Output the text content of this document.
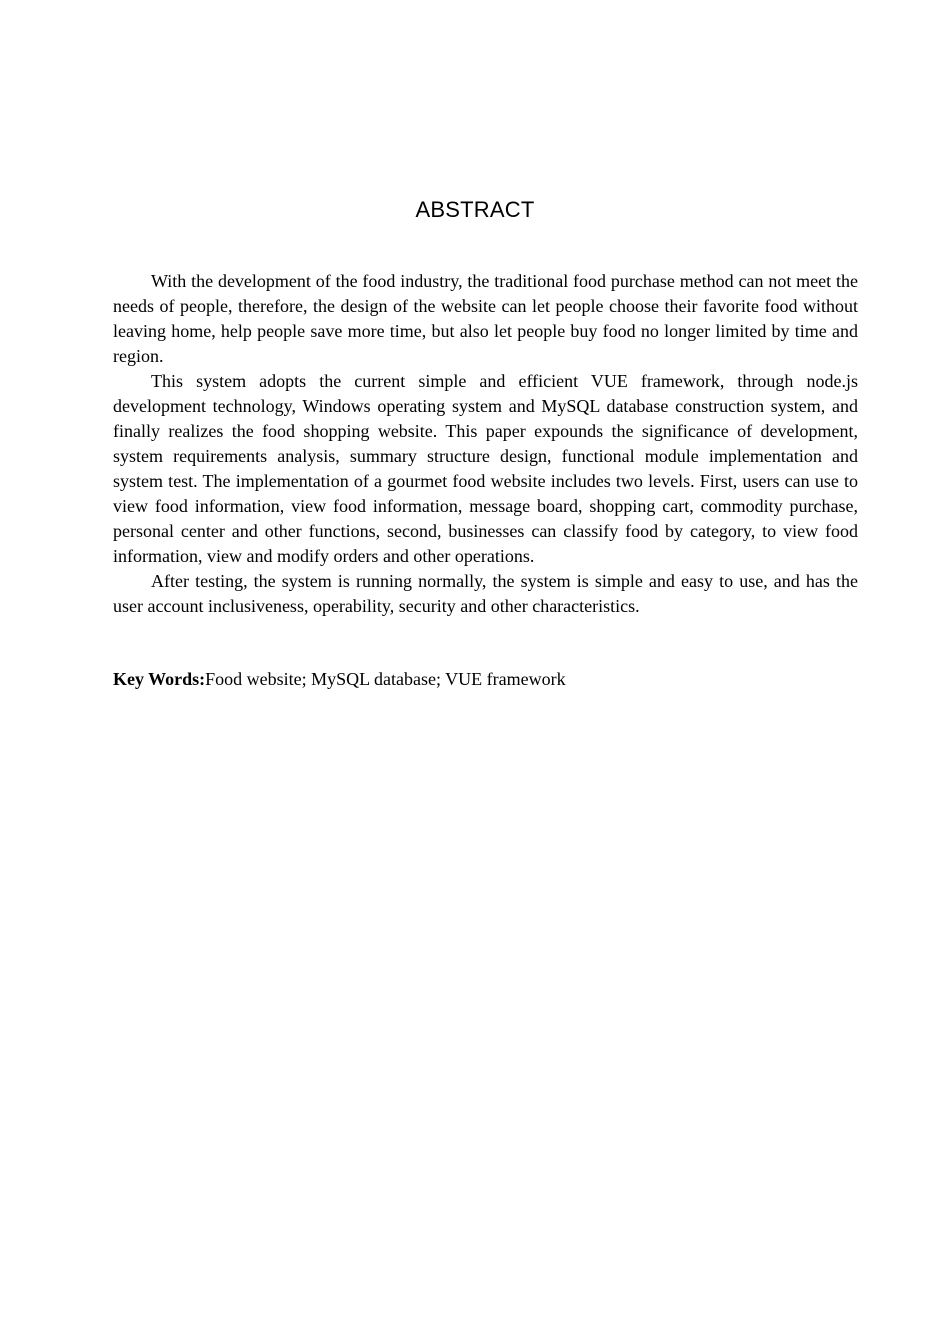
ABSTRACT

With the development of the food industry, the traditional food purchase method can not meet the needs of people, therefore, the design of the website can let people choose their favorite food without leaving home, help people save more time, but also let people buy food no longer limited by time and region.

This system adopts the current simple and efficient VUE framework, through node.js development technology, Windows operating system and MySQL database construction system, and finally realizes the food shopping website. This paper expounds the significance of development, system requirements analysis, summary structure design, functional module implementation and system test. The implementation of a gourmet food website includes two levels. First, users can use to view food information, view food information, message board, shopping cart, commodity purchase, personal center and other functions, second, businesses can classify food by category, to view food information, view and modify orders and other operations.

After testing, the system is running normally, the system is simple and easy to use, and has the user account inclusiveness, operability, security and other characteristics.

Key Words:Food website; MySQL database; VUE framework
